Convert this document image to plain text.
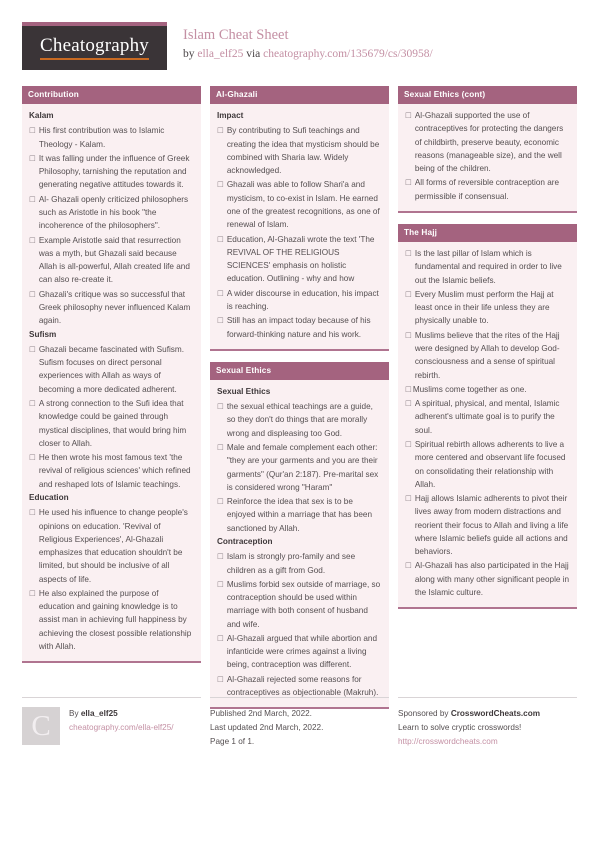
Cheatography
Islam Cheat Sheet
by ella_elf25 via cheatography.com/135679/cs/30958/
Contribution
Kalam
☐ His first contribution was to Islamic Theology - Kalam.
☐ It was falling under the influence of Greek Philosophy, tarnishing the reputation and generating negative attitudes towards it.
☐ Al- Ghazali openly criticized philosophers such as Aristotle in his book "the incoherence of the philosophers".
☐ Example Aristotle said that resurrection was a myth, but Ghazali said because Allah is all-powerful, Allah created life and can also re-create it.
☐ Ghazali's critique was so successful that Greek philosophy never influenced Kalam again.
Sufism
☐ Ghazali became fascinated with Sufism. Sufism focuses on direct personal experiences with Allah as ways of becoming a more dedicated adherent.
☐ A strong connection to the Sufi idea that knowledge could be gained through mystical disciplines, that would bring him closer to Allah.
☐ He then wrote his most famous text 'the revival of religious sciences' which refined and reshaped lots of Islamic teachings.
Education
☐ He used his influence to change people's opinions on education. 'Revival of Religious Experiences', Al-Ghazali emphasizes that education shouldn't be limited, but should be inclusive of all aspects of life.
☐ He also explained the purpose of education and gaining knowledge is to assist man in achieving full happiness by achieving the closest possible relationship with Allah.
Al-Ghazali
Impact
☐ By contributing to Sufi teachings and creating the idea that mysticism should be combined with Sharia law. Widely acknowledged.
☐ Ghazali was able to follow Shari'a and mysticism, to co-exist in Islam. He earned one of the greatest recognitions, as one of renewal of Islam.
☐ Education, Al-Ghazali wrote the text 'The REVIVAL OF THE RELIGIOUS SCIENCES' emphasis on holistic education. Outlining - why and how
☐ A wider discourse in education, his impact is reaching.
☐ Still has an impact today because of his forward-thinking nature and his work.
Sexual Ethics
Sexual Ethics
☐ the sexual ethical teachings are a guide, so they don't do things that are morally wrong and displeasing too God.
☐ Male and female complement each other: "they are your garments and you are their garments" (Qur'an 2:187). Pre-marital sex is considered wrong "Haram"
☐ Reinforce the idea that sex is to be enjoyed within a marriage that has been sanctioned by Allah.
Contraception
☐ Islam is strongly pro-family and see children as a gift from God.
☐ Muslims forbid sex outside of marriage, so contraception should be used within marriage with both consent of husband and wife.
☐ Al-Ghazali argued that while abortion and infanticide were crimes against a living being, contraception was different.
☐ Al-Ghazali rejected some reasons for contraceptives as objectionable (Makruh).
Sexual Ethics (cont)
☐ Al-Ghazali supported the use of contraceptives for protecting the dangers of childbirth, preserve beauty, economic reasons (manageable size), and the well being of the children.
☐ All forms of reversible contraception are permissible if consensual.
The Hajj
☐ Is the last pillar of Islam which is fundamental and required in order to live out the Islamic beliefs.
☐ Every Muslim must perform the Hajj at least once in their life unless they are physically unable to.
☐ Muslims believe that the rites of the Hajj were designed by Allah to develop God-consciousness and a sense of spiritual rebirth.
☐ Muslims come together as one.
☐ A spiritual, physical, and mental, Islamic adherent's ultimate goal is to purify the soul.
☐ Spiritual rebirth allows adherents to live a more centered and observant life focused on consolidating their relationship with Allah.
☐ Hajj allows Islamic adherents to pivot their lives away from modern distractions and reorient their focus to Allah and living a life where Islamic beliefs guide all actions and behaviors.
☐ Al-Ghazali has also participated in the Hajj along with many other significant people in the Islamic culture.
C	By ella_elf25
cheatography.com/ella-elf25/
Published 2nd March, 2022.
Last updated 2nd March, 2022.
Page 1 of 1.
Sponsored by CrosswordCheats.com
Learn to solve cryptic crosswords!
http://crosswordcheats.com
